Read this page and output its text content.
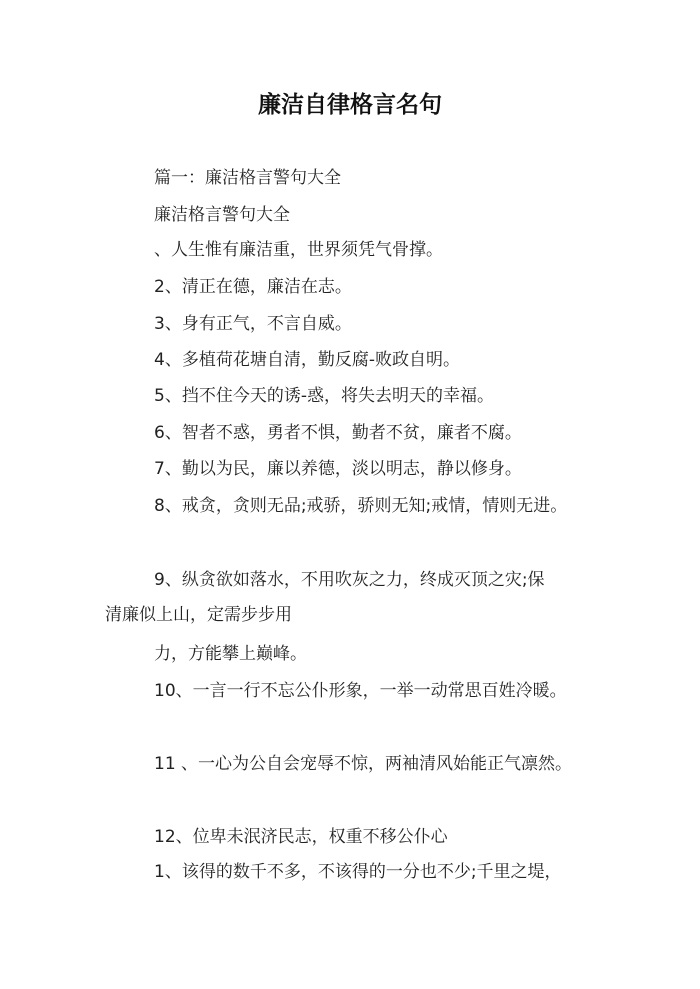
廉洁自律格言名句
篇一：廉洁格言警句大全
廉洁格言警句大全
、人生惟有廉洁重，世界须凭气骨撑。
2、清正在德，廉洁在志。
3、身有正气，不言自威。
4、多植荷花塘自清，勤反腐-败政自明。
5、挡不住今天的诱-惑，将失去明天的幸福。
6、智者不惑，勇者不惧，勤者不贫，廉者不腐。
7、勤以为民，廉以养德，淡以明志，静以修身。
8、戒贪，贪则无品;戒骄，骄则无知;戒情，情则无进。
9、纵贪欲如落水，不用吹灰之力，终成灭顶之灾;保
清廉似上山，定需步步用
力，方能攀上巅峰。
10、一言一行不忘公仆形象，一举一动常思百姓冷暖。
11 、一心为公自会宠辱不惊，两袖清风始能正气凛然。
12、位卑未泯济民志，权重不移公仆心
1、该得的数千不多，不该得的一分也不少;千里之堤，
